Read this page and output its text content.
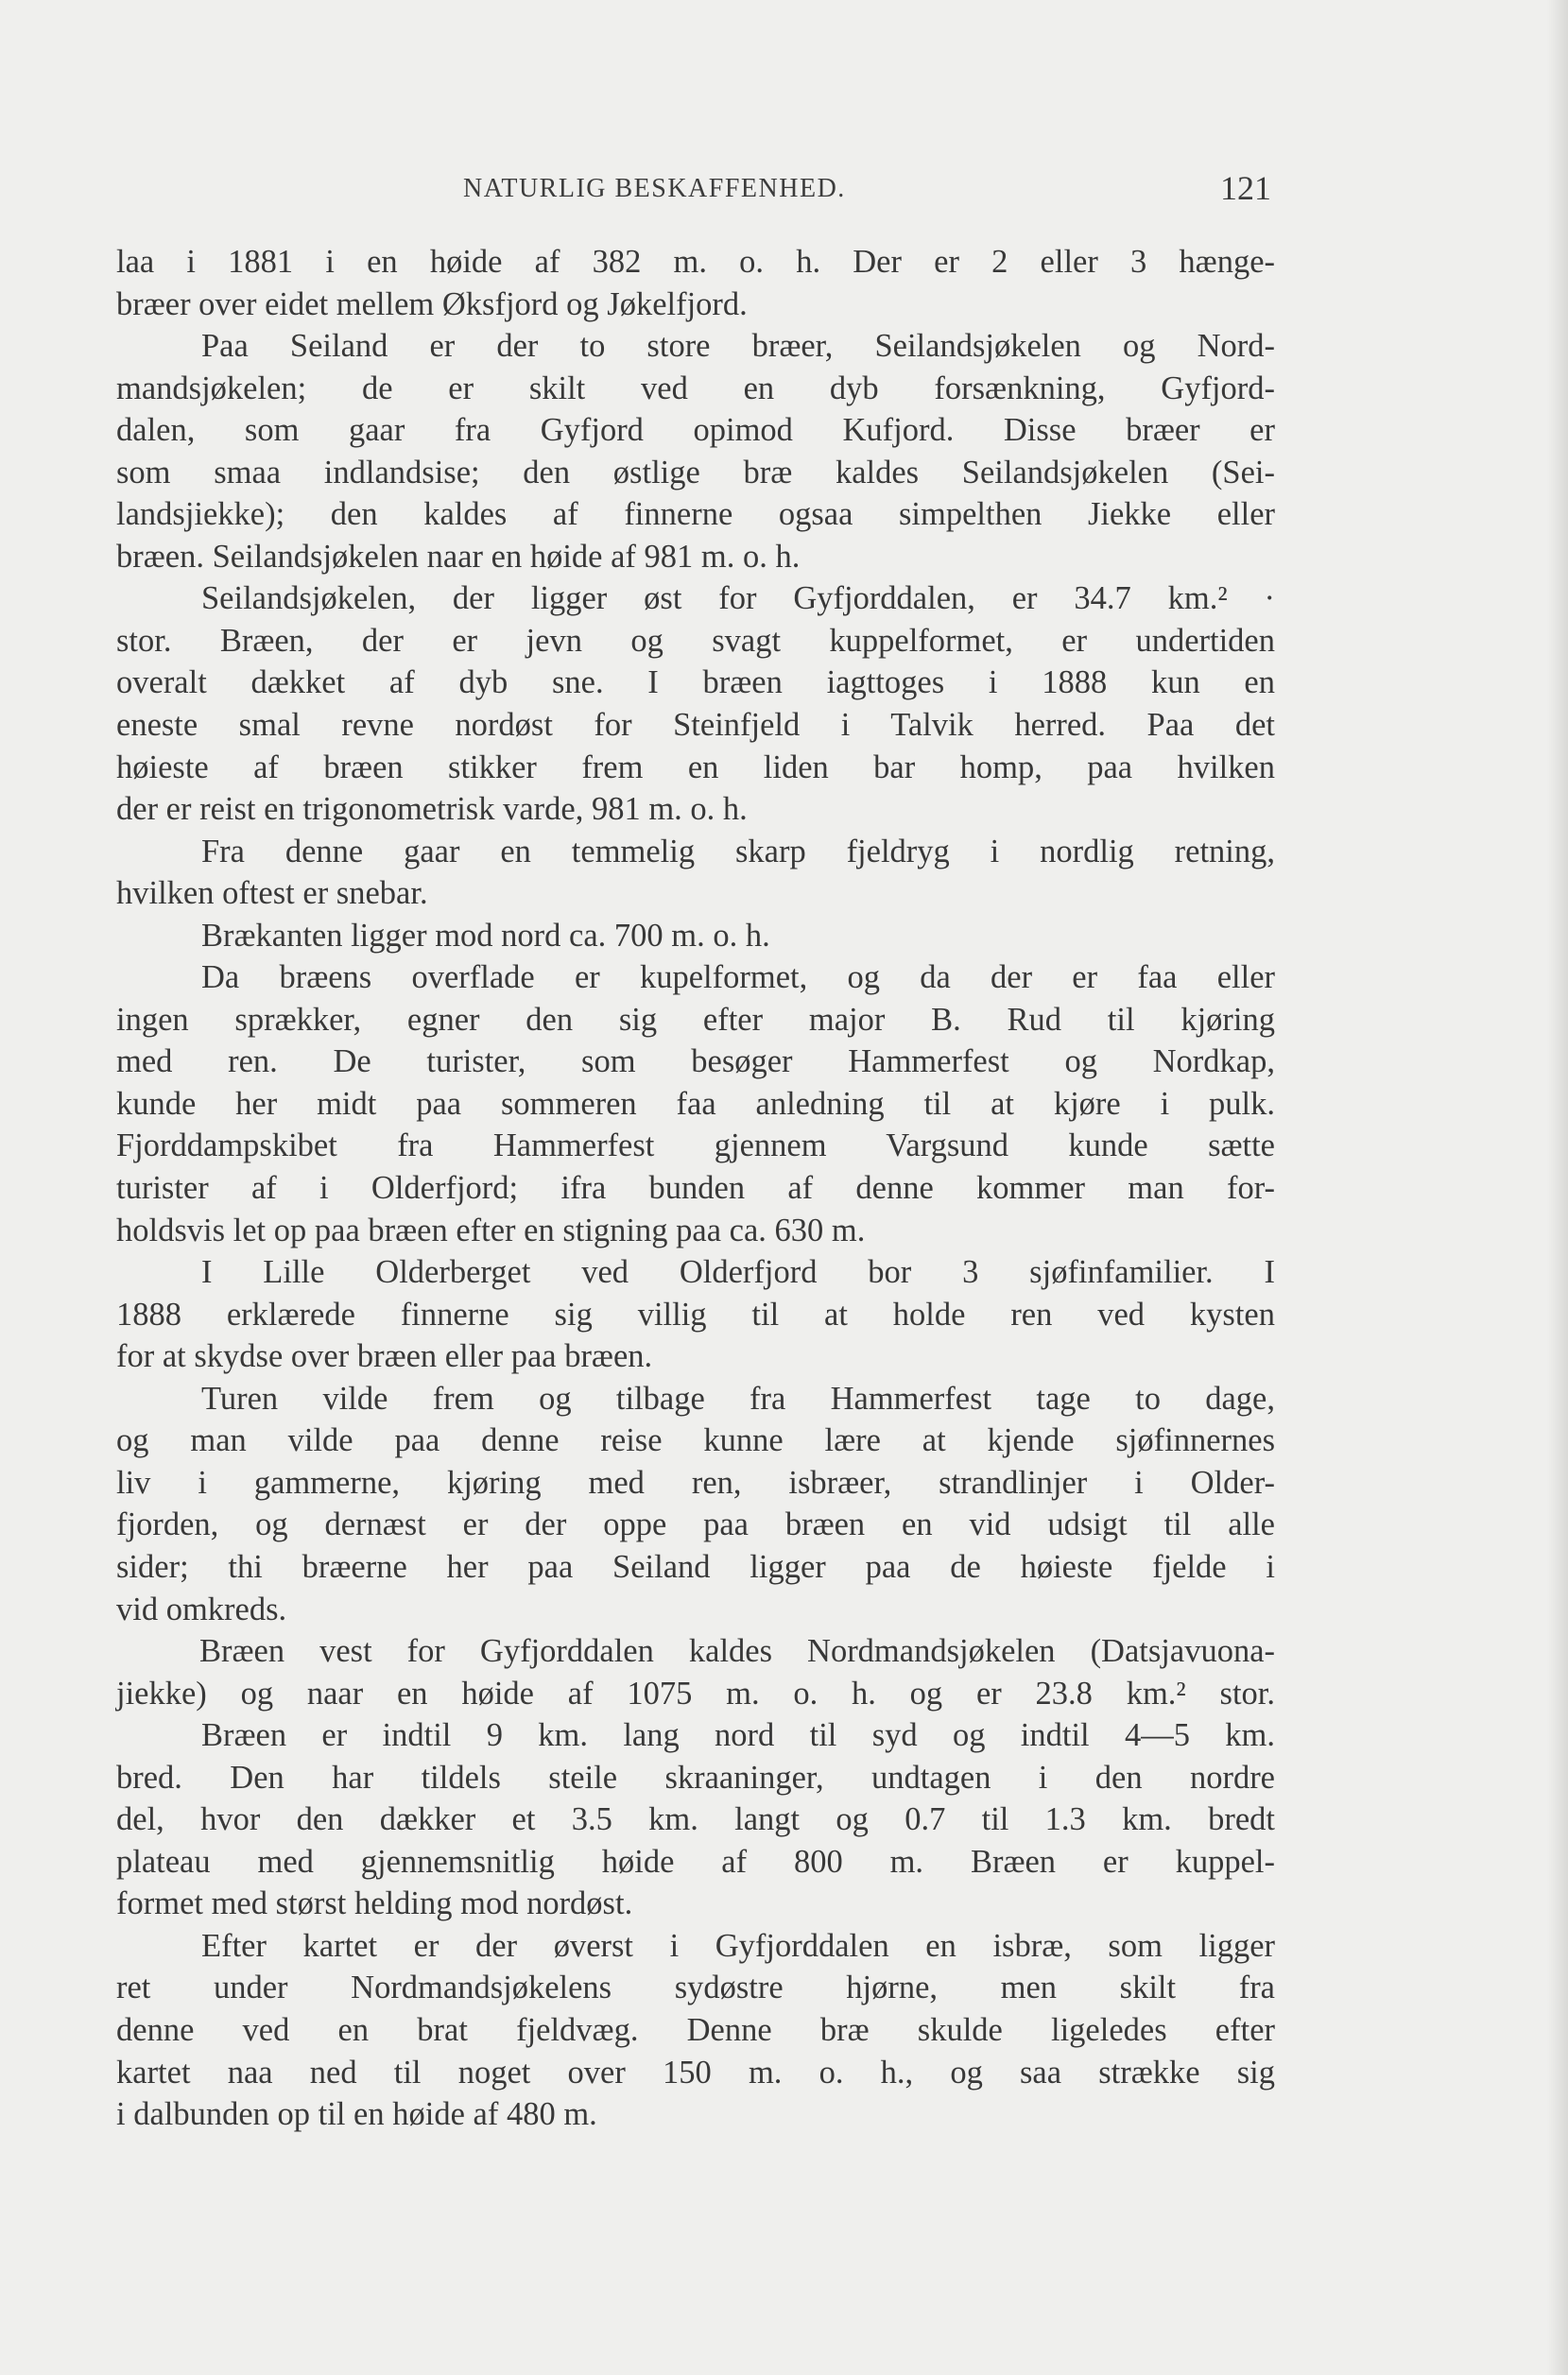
NATURLIG BESKAFFENHED.	121
laa i 1881 i en høide af 382 m. o. h. Der er 2 eller 3 hænge-
bræer over eidet mellem Øksfjord og Jøkelfjord.
Paa Seiland er der to store bræer, Seilandsjøkelen og Nord-
mandsjøkelen; de er skilt ved en dyb forsænkning, Gyfjord-
dalen, som gaar fra Gyfjord opimod Kufjord. Disse bræer er
som smaa indlandsise; den østlige bræ kaldes Seilandsjøkelen (Sei-
landsjiekke); den kaldes af finnerne ogsaa simpelthen Jiekke eller
bræen. Seilandsjøkelen naar en høide af 981 m. o. h.
Seilandsjøkelen, der ligger øst for Gyfjorddalen, er 34.7 km.² ·
stor. Bræen, der er jevn og svagt kuppelformet, er undertiden
overalt dækket af dyb sne. I bræen iagttoges i 1888 kun en
eneste smal revne nordøst for Steinfjeld i Talvik herred. Paa det
høieste af bræen stikker frem en liden bar homp, paa hvilken
der er reist en trigonometrisk varde, 981 m. o. h.
Fra denne gaar en temmelig skarp fjeldryg i nordlig retning,
hvilken oftest er snebar.
Brækanten ligger mod nord ca. 700 m. o. h.
Da bræens overflade er kupelformet, og da der er faa eller
ingen sprækker, egner den sig efter major B. Rud til kjøring
med ren. De turister, som besøger Hammerfest og Nordkap,
kunde her midt paa sommeren faa anledning til at kjøre i pulk.
Fjorddampskibet fra Hammerfest gjennem Vargsund kunde sætte
turister af i Olderfjord; ifra bunden af denne kommer man for-
holdsvis let op paa bræen efter en stigning paa ca. 630 m.
I Lille Olderberget ved Olderfjord bor 3 sjøfinfamilier. I
1888 erklærede finnerne sig villig til at holde ren ved kysten
for at skydse over bræen eller paa bræen.
Turen vilde frem og tilbage fra Hammerfest tage to dage,
og man vilde paa denne reise kunne lære at kjende sjøfinnernes
liv i gammerne, kjøring med ren, isbræer, strandlinjer i Older-
fjorden, og dernæst er der oppe paa bræen en vid udsigt til alle
sider; thi bræerne her paa Seiland ligger paa de høieste fjelde i
vid omkreds.
Bræen vest for Gyfjorddalen kaldes Nordmandsjøkelen (Datsjavuona-
jiekke) og naar en høide af 1075 m. o. h. og er 23.8 km.² stor.
Bræen er indtil 9 km. lang nord til syd og indtil 4—5 km.
bred. Den har tildels steile skraaninger, undtagen i den nordre
del, hvor den dækker et 3.5 km. langt og 0.7 til 1.3 km. bredt
plateau med gjennemsnitlig høide af 800 m. Bræen er kuppel-
formet med størst helding mod nordøst.
Efter kartet er der øverst i Gyfjorddalen en isbræ, som ligger
ret under Nordmandsjøkelens sydøstre hjørne, men skilt fra
denne ved en brat fjeldvæg. Denne bræ skulde ligeledes efter
kartet naa ned til noget over 150 m. o. h., og saa strække sig
i dalbunden op til en høide af 480 m.
